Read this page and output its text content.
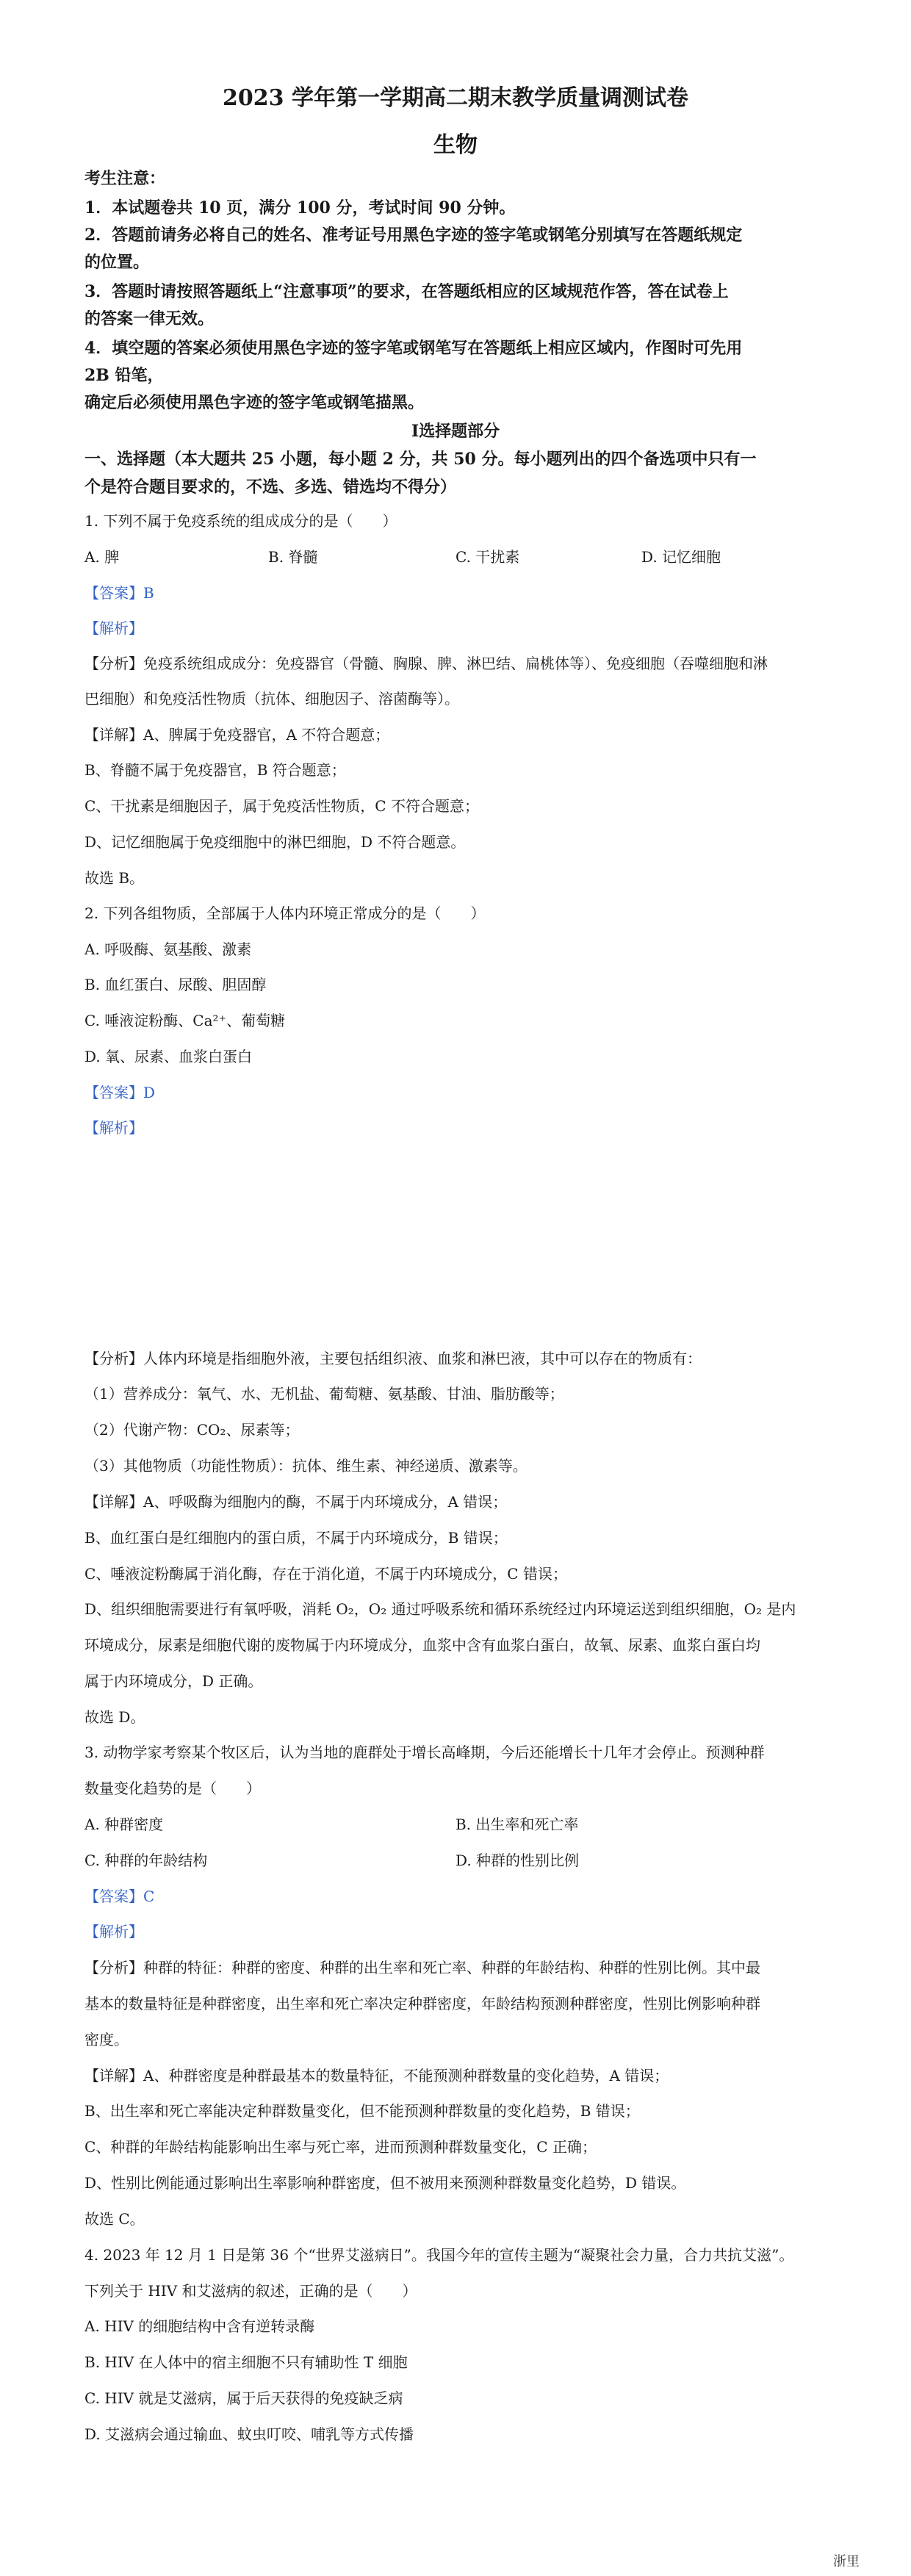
2023 学年第一学期高二期末教学质量调测试卷
生物
考生注意：
1．本试题卷共 10 页，满分 100 分，考试时间 90 分钟。
2．答题前请务必将自己的姓名、准考证号用黑色字迹的签字笔或钢笔分别填写在答题纸规定
的位置。
3．答题时请按照答题纸上“注意事项”的要求，在答题纸相应的区域规范作答，答在试卷上
的答案一律无效。
4．填空题的答案必须使用黑色字迹的签字笔或钢笔写在答题纸上相应区域内，作图时可先用
2B 铅笔，
确定后必须使用黑色字迹的签字笔或钢笔描黑。
Ⅰ选择题部分
一、选择题（本大题共 25 小题，每小题 2 分，共 50 分。每小题列出的四个备选项中只有一
个是符合题目要求的，不选、多选、错选均不得分）
1. 下列不属于免疫系统的组成成分的是（　　）
A. 脾	B. 脊髓	C. 干扰素	D. 记忆细胞
【答案】B
【解析】
【分析】免疫系统组成成分：免疫器官（骨髓、胸腺、脾、淋巴结、扁桃体等）、免疫细胞（吞噬细胞和淋
巴细胞）和免疫活性物质（抗体、细胞因子、溶菌酶等）。
【详解】A、脾属于免疫器官，A 不符合题意；
B、脊髓不属于免疫器官，B 符合题意；
C、干扰素是细胞因子，属于免疫活性物质，C 不符合题意；
D、记忆细胞属于免疫细胞中的淋巴细胞，D 不符合题意。
故选 B。
2. 下列各组物质，全部属于人体内环境正常成分的是（　　）
A. 呼吸酶、氨基酸、激素
B. 血红蛋白、尿酸、胆固醇
C. 唾液淀粉酶、Ca²⁺、葡萄糖
D. 氧、尿素、血浆白蛋白
【答案】D
【解析】
【分析】人体内环境是指细胞外液，主要包括组织液、血浆和淋巴液，其中可以存在的物质有：
（1）营养成分：氧气、水、无机盐、葡萄糖、氨基酸、甘油、脂肪酸等；
（2）代谢产物：CO₂、尿素等；
（3）其他物质（功能性物质）：抗体、维生素、神经递质、激素等。
【详解】A、呼吸酶为细胞内的酶，不属于内环境成分，A 错误；
B、血红蛋白是红细胞内的蛋白质，不属于内环境成分，B 错误；
C、唾液淀粉酶属于消化酶，存在于消化道，不属于内环境成分，C 错误；
D、组织细胞需要进行有氧呼吸，消耗 O₂，O₂ 通过呼吸系统和循环系统经过内环境运送到组织细胞，O₂ 是内
环境成分，尿素是细胞代谢的废物属于内环境成分，血浆中含有血浆白蛋白，故氧、尿素、血浆白蛋白均
属于内环境成分，D 正确。
故选 D。
3. 动物学家考察某个牧区后，认为当地的鹿群处于增长高峰期，今后还能增长十几年才会停止。预测种群
数量变化趋势的是（　　）
A. 种群密度	B. 出生率和死亡率
C. 种群的年龄结构	D. 种群的性别比例
【答案】C
【解析】
【分析】种群的特征：种群的密度、种群的出生率和死亡率、种群的年龄结构、种群的性别比例。其中最
基本的数量特征是种群密度，出生率和死亡率决定种群密度，年龄结构预测种群密度，性别比例影响种群
密度。
【详解】A、种群密度是种群最基本的数量特征，不能预测种群数量的变化趋势，A 错误；
B、出生率和死亡率能决定种群数量变化，但不能预测种群数量的变化趋势，B 错误；
C、种群的年龄结构能影响出生率与死亡率，进而预测种群数量变化，C 正确；
D、性别比例能通过影响出生率影响种群密度，但不被用来预测种群数量变化趋势，D 错误。
故选 C。
4. 2023 年 12 月 1 日是第 36 个“世界艾滋病日”。我国今年的宣传主题为“凝聚社会力量，合力共抗艾滋”。
下列关于 HIV 和艾滋病的叙述，正确的是（　　）
A. HIV 的细胞结构中含有逆转录酶
B. HIV 在人体中的宿主细胞不只有辅助性 T 细胞
C. HIV 就是艾滋病，属于后天获得的免疫缺乏病
D. 艾滋病会通过输血、蚊虫叮咬、哺乳等方式传播
浙里
